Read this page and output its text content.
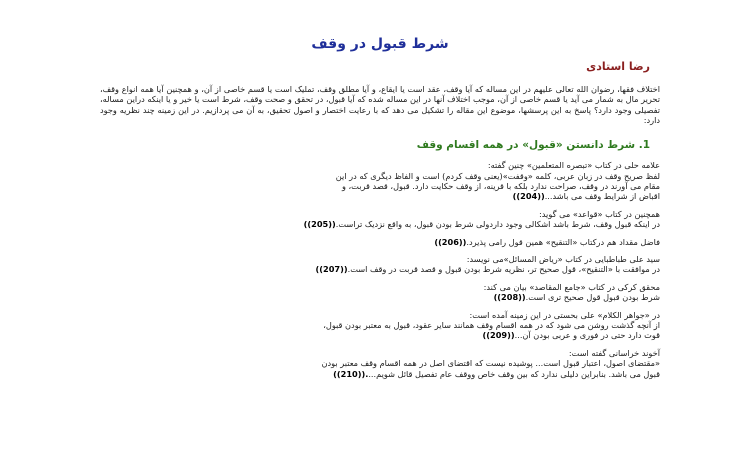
شرط قبول در وقف
رضا استادی
اختلاف فقها، رضوان الله تعالی علیهم در این مساله که آیا وقف، عقد است یا ایقاع، و آیا مطلق وقف، تملیک است یا قسم خاصی از آن، و همچنین آیا همه انواع وقف، تحریر مال به شمار می آید یا قسم خاصی از آن، موجب اختلاف آنها در این مساله شده که آیا قبول، در تحقق و صحت وقف، شرط است یا خیر و یا اینکه دراین مساله، تفصیلی وجود دارد؟ پاسخ به این پرسشها، موضوع این مقاله را تشکیل می دهد که با رعایت اختصار و اصول تحقیق، به آن می پردازیم. در این زمینه چند نظریه وجود دارد:
1. شرط دانستن «قبول» در همه اقسام وقف
علامه حلی در کتاب «تبصره المتعلمین» چنین گفته:
لفظ صریح وقف در زبان عربی، کلمه «وقفت»(یعنی وقف کردم) است و الفاظ دیگری که در این
مقام می آورند در وقف، صراحت ندارد بلکه با قرینه، از وقف حکایت دارد. قبول، قصد قربت، و
اقباض از شرایط وقف می باشد...((204))
همچنین در کتاب «قواعد» می گوید:
در اینکه قبول وقف، شرط باشد اشکالی وجود داردولی شرط بودن قبول، به واقع نزدیک تراست.((205))
فاضل مقداد هم درکتاب «التنقیح» همین قول رامی پذیرد.((206))
سید علی طباطبایی در کتاب «ریاض المسائل»می نویسد:
در موافقت با «التنقیح»، قول صحیح تر، نظریه شرط بودن قبول و قصد قربت در وقف است.((207))
محقق کرکی در کتاب «جامع المقاصد» بیان می کند:
شرط بودن قبول قول صحیح تری است.((208))
در «جواهر الکلام» علی بحستی در این زمینه آمده است:
از آنچه گذشت روشن می شود که در همه اقسام وقف همانند سایر عقود، قبول به معتبر بودن قبول،
قوت دارد حتی در فوری و عربی بودن آن...((209))
آخوند خراسانی گفته است:
«مقتضای اصول، اعتبار قبول است... پوشیده نیست که اقتضای اصل در همه اقسام وقف معتبر بودن
قبول می باشد. بنابراین دلیلی ندارد که بین وقف خاص ووقف عام تفصیل قائل شویم...((210)).
